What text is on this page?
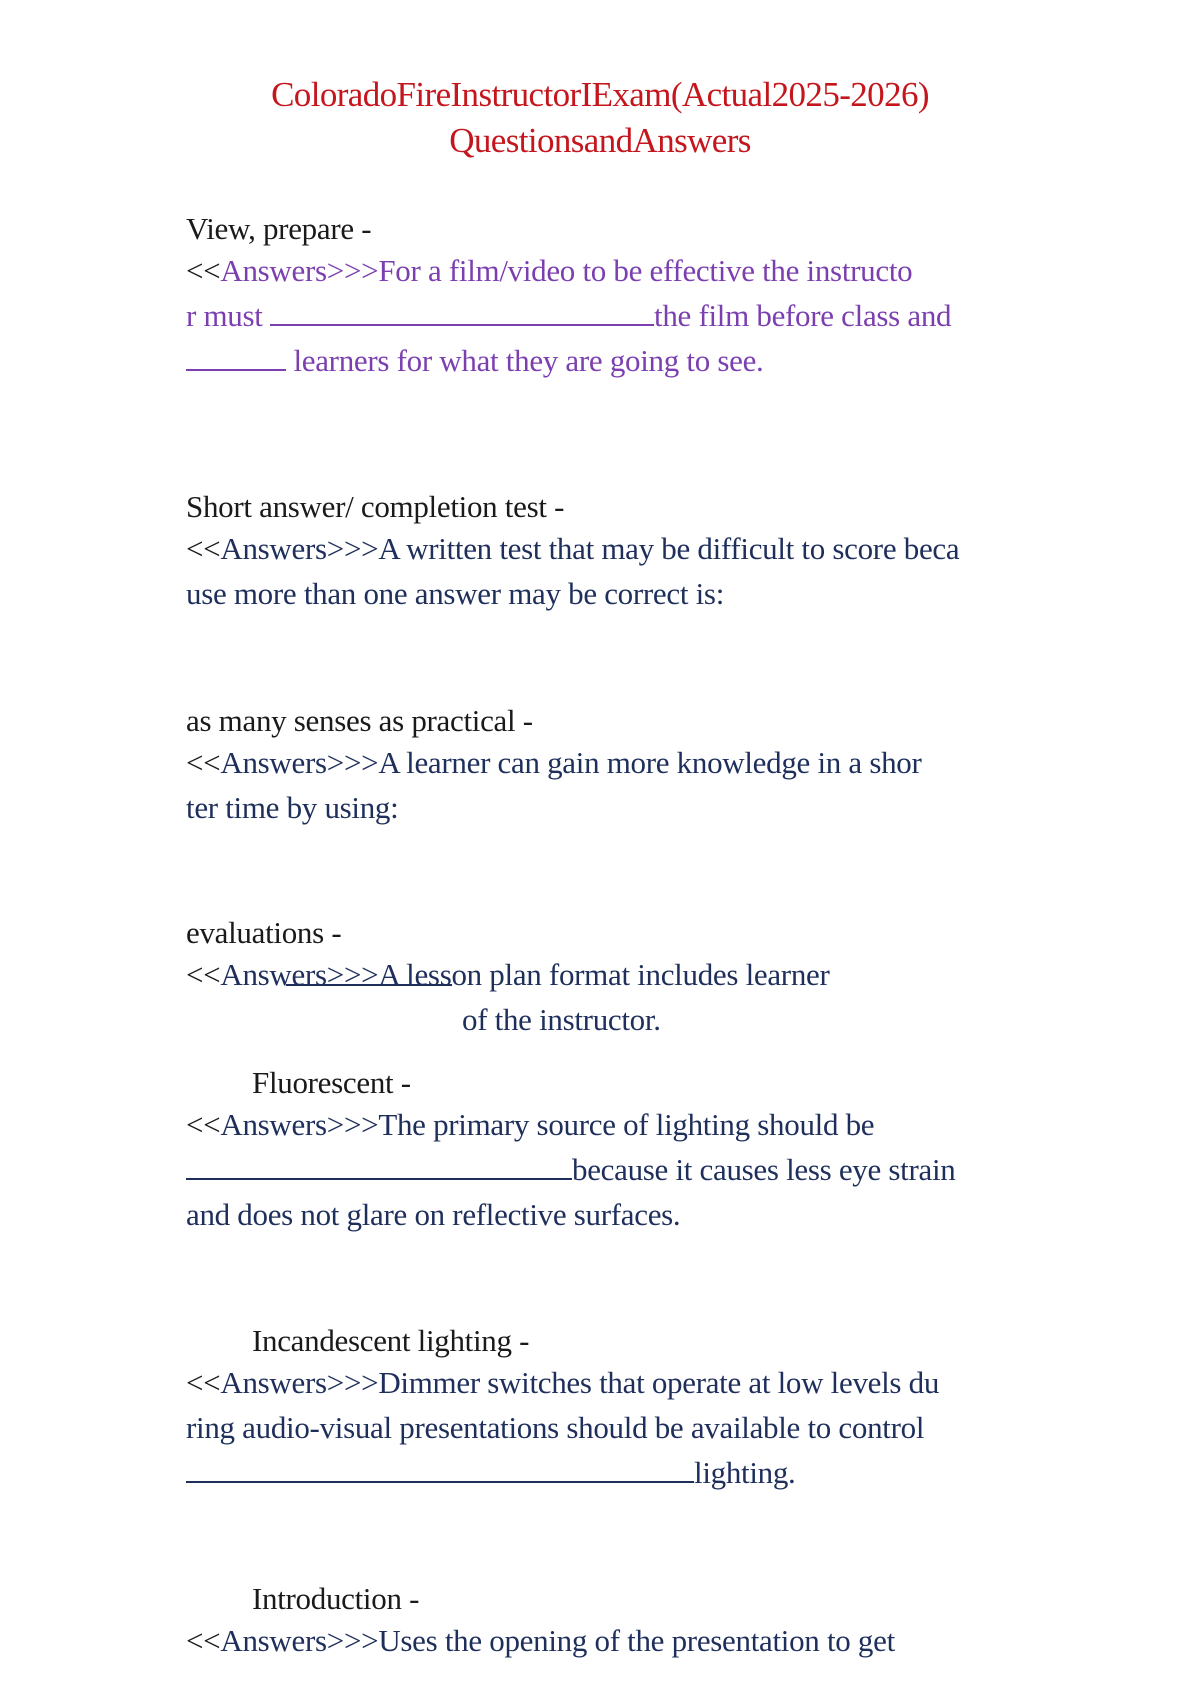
ColoradoFireInstructorIExam(Actual2025-2026)
QuestionsandAnswers
View, prepare -
<<Answers>>>For a film/video to be effective the instructo
r must	the film before class and
learners for what they are going to see.
Short answer/ completion test -
<<Answers>>>A written test that may be difficult to score beca
use more than one answer may be correct is:
as many senses as practical -
<<Answers>>>A learner can gain more knowledge in a shor
ter time by using:
evaluations -
<<Answers>>>A lesson plan format includes learner
of the instructor.
Fluorescent -
<<Answers>>>The primary source of lighting should be
because it causes less eye strain
and does not glare on reflective surfaces.
Incandescent lighting -
<<Answers>>>Dimmer switches that operate at low levels du
ring audio-visual presentations should be available to control
lighting.
Introduction -
<<Answers>>>Uses the opening of the presentation to get
